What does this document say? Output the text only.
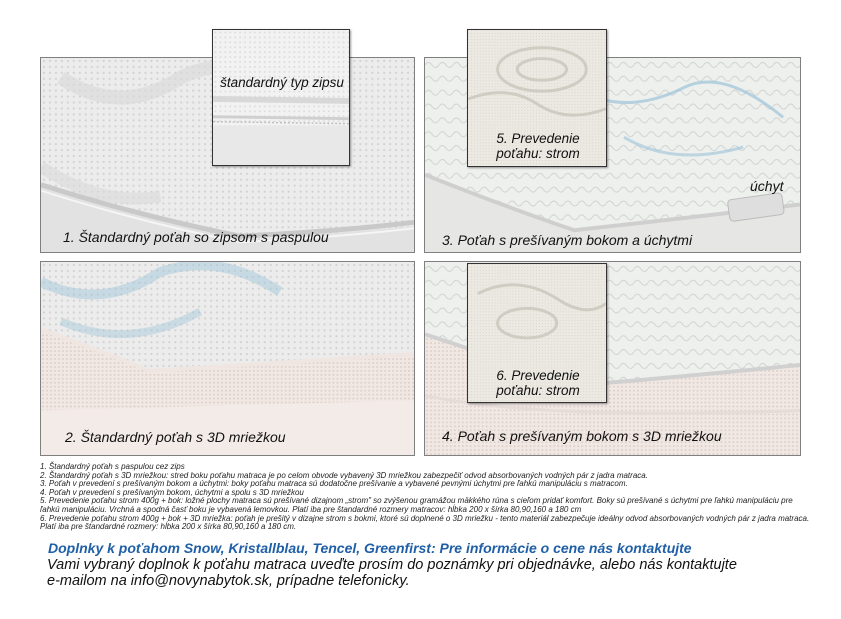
1. Štandardný poťah so zipsom s paspulou
štandardný typ zipsu
úchyt
3. Poťah s prešívaným bokom a úchytmi
5. Prevedenie
poťahu: strom
2. Štandardný poťah s 3D mriežkou	4. Poťah s prešívaným bokom s 3D mriežkou
6. Prevedenie
poťahu: strom
1. Štandardný poťah s paspulou cez zips
2. Štandardný poťah s 3D mriežkou: stred boku poťahu matraca je po celom obvode vybavený 3D mriežkou zabezpečiť odvod absorbovaných vodných pár z jadra matraca.
3. Poťah v prevedení s prešívaným bokom a úchytmi: boky poťahu matraca sú dodatočne prešívanie a vybavené pevnými úchytmi pre ľahkú manipuláciu s matracom.
4. Poťah v prevedení s prešívaným bokom, úchytmi a spolu s 3D mriežkou
5. Prevedenie poťahu strom 400g + bok: ložné plochy matraca sú prešívané dizajnom „strom" so zvýšenou gramážou mäkkého rúna s cieľom pridať komfort. Boky sú prešívané s úchytmi pre ľahkú manipuláciu pre ľahkú manipuláciu. Vrchná a spodná časť boku je vybavená lemovkou. Platí iba pre štandardné rozmery matracov: hĺbka 200 x šírka 80,90,160 a 180 cm
6. Prevedenie poťahu strom 400g + bok + 3D mriežka: poťah je prešitý v dizajne strom s bokmi, ktoré sú doplnené o 3D mriežku - tento materiál zabezpečuje ideálny odvod absorbovaných vodných pár z jadra matraca. Platí iba pre štandardné rozmery: hĺbka 200 x šírka 80,90,160 a 180 cm.
Doplnky k poťahom Snow, Kristallblau, Tencel, Greenfirst: Pre informácie o cene nás kontaktujte
Vami vybraný doplnok k poťahu matraca uveďte prosím do poznámky pri objednávke, alebo nás kontaktujte
e-mailom na info@novynabytok.sk, prípadne telefonicky.
